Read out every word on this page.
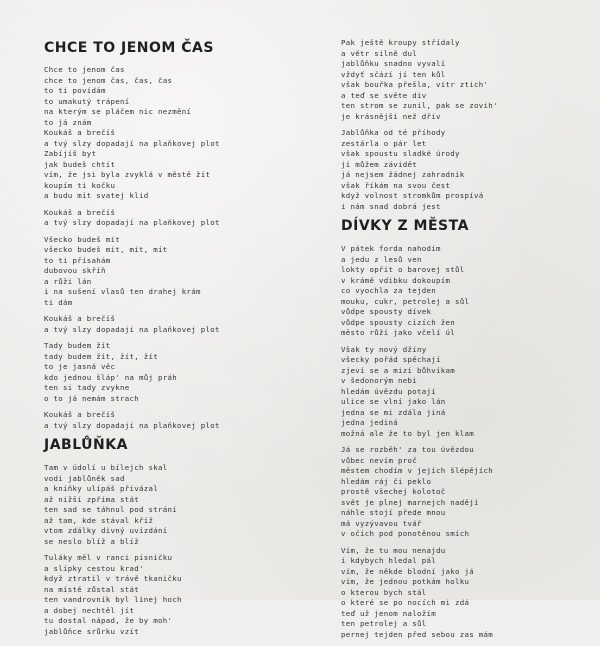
CHCE TO JENOM ČAS
Chce to jenom čas
chce to jenom čas, čas, čas
to ti povídám
to umakutý trápení
na kterým se pláčem nic nezmění
to já znám
Koukáš a brečíš
a tvý slzy dopadají na plaňkovej plot
Zabíjíš byt
jak budeš chtít
vím, že jsi byla zvyklá v městě žít
koupím ti kočku
a budu mít svatej klid
Koukáš a brečíš
a tvý slzy dopadají na plaňkovej plot
Všecko budeš mít
všecko budeš mít, mít, mít
to ti přísahám
dubovou skříň
a růži lán
i na sušení vlasů ten drahej krám
ti dám
Koukáš a brečíš
a tvý slzy dopadají na plaňkovej plot
Tady budem žít
tady budem žít, žít, žít
to je jasná věc
kdo jednou šláp' na můj práh
ten si tady zvykne
o to já nemám strach
Koukáš a brečíš
a tvý slzy dopadají na plaňkovej plot
JABLŮŇKA
Tam v údolí u bílejch skal
vodí jablůněk sad
a kníňky ulípáš přivázal
až nižší zpříma stát
ten sad se táhnul pod strání
až tam, kde stával kříž
vtom zdálky divný uvízdání
se neslo blíž a blíž
Tuláky měl v ranci písničku
a slípky cestou krad'
když ztratil v trávě tkaničku
na místě zůstal stát
ten vandrovník byl línej hoch
a dobej nechtěl jít
tu dostal nápad, že by moh'
jablůňce srůrku vzít
Pak ještě kroupy střídaly
a větr silně dul
jablůňku snadno vyvalí
vždyť sčází jí ten kůl
však bouřka přešla, vítr ztich'
a teď se světe div
ten strom se zunil, pak se zovih'
je krásnější než dřív
Jablůňka od té příhody
zestárla o pár let
však spoustu sladké úrody
jí můžem závidět
já nejsem žádnej zahradník
však říkám na svou čest
když volnost stromkům prospívá
i nám snad dobrá jest
DÍVKY Z MĚSTA
V pátek forda nahodím
a jedu z lesů ven
lokty opřít o barovej stůl
v krámě vdibku dokoupím
co vyochla za tejden
mouku, cukr, petrolej a sůl
vůdpe spousty dívek
vůdpe spousty cizích žen
město růží jako včelí úl
Však ty nový džíny
všecky pořád spěchají
zjeví se a mizí bůhvíkam
v šedonorým nebi
hledám úvězdu potají
ulice se vlní jako lán
jedna se mi zdála jiná
jedna jediná
možná ale že to byl jen klam
Já se rozběh' za tou úvězdou
vůbec nevím proč
městem chodím v jejích šlépějích
hledám ráj či peklo
prostě všechej kolotoč
svět je plnej marnejch nadějí
náhle stojí přede mnou
má vyzývavou tvář
v očích pod ponotěnou smích
Vím, že tu mou nenajdu
i kdybych hledal pál
vím, že někde blodní jako já
vím, že jednou potkám holku
o kterou bych stál
o které se po nocích mi zdá
teď už jenom naložím
ten petrolej a sůl
pernej tejden před sebou zas mám
